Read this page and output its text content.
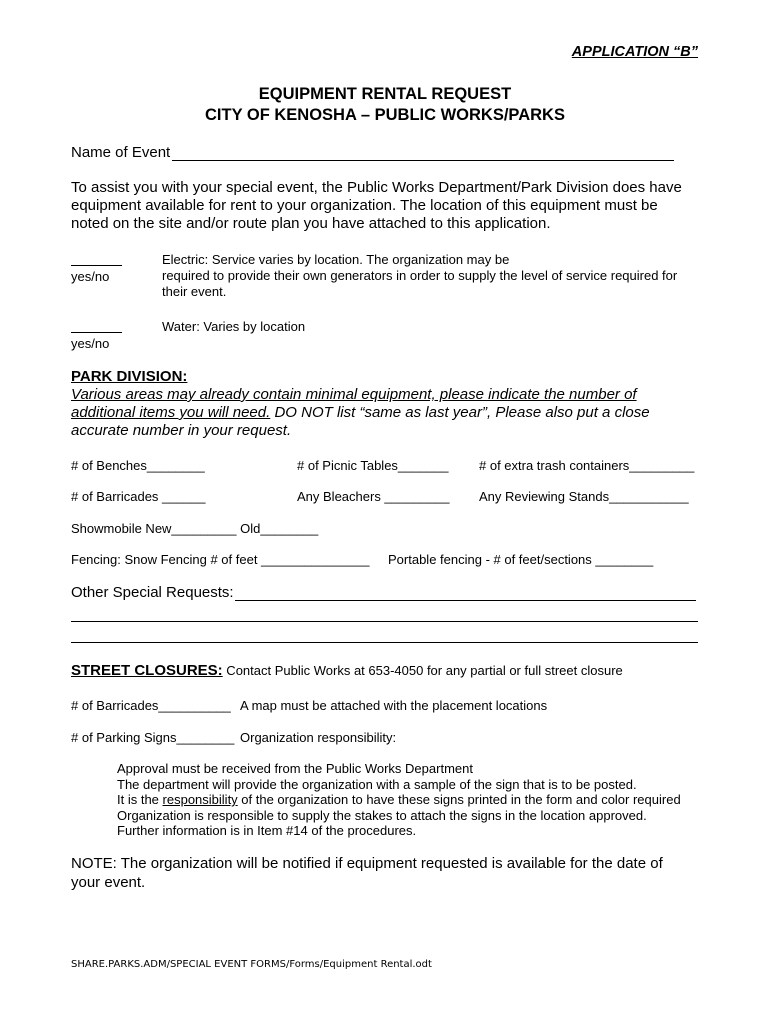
APPLICATION “B”
EQUIPMENT RENTAL REQUEST
CITY OF KENOSHA – PUBLIC WORKS/PARKS
Name of Event
To assist you with your special event, the Public Works Department/Park Division does have
equipment available for rent to your organization. The location of this equipment must be
noted on the site and/or route plan you have attached to this application.
yes/no
Electric: Service varies by location. The organization may be
required to provide their own generators in order to supply the level of service required for
their event.
yes/no
Water: Varies by location
PARK DIVISION:
Various areas may already contain minimal equipment, please indicate the number of
additional items you will need. DO NOT list “same as last year”, Please also put a close
accurate number in your request.
# of Benches________	# of Picnic Tables_______ # of extra trash containers_________
# of Barricades ______	Any Bleachers _________ Any Reviewing Stands___________
Showmobile New_________ Old________
Fencing: Snow Fencing # of feet _______________ Portable fencing - # of feet/sections ________
Other Special Requests:
STREET CLOSURES: Contact Public Works at 653-4050 for any partial or full street closure
# of Barricades__________ A map must be attached with the placement locations
# of Parking Signs________ Organization responsibility:
Approval must be received from the Public Works Department
The department will provide the organization with a sample of the sign that is to be posted.
It is the responsibility of the organization to have these signs printed in the form and color required
Organization is responsible to supply the stakes to attach the signs in the location approved.
Further information is in Item #14 of the procedures.
NOTE: The organization will be notified if equipment requested is available for the date of
your event.
SHARE.PARKS.ADM/SPECIAL EVENT FORMS/Forms/Equipment Rental.odt
